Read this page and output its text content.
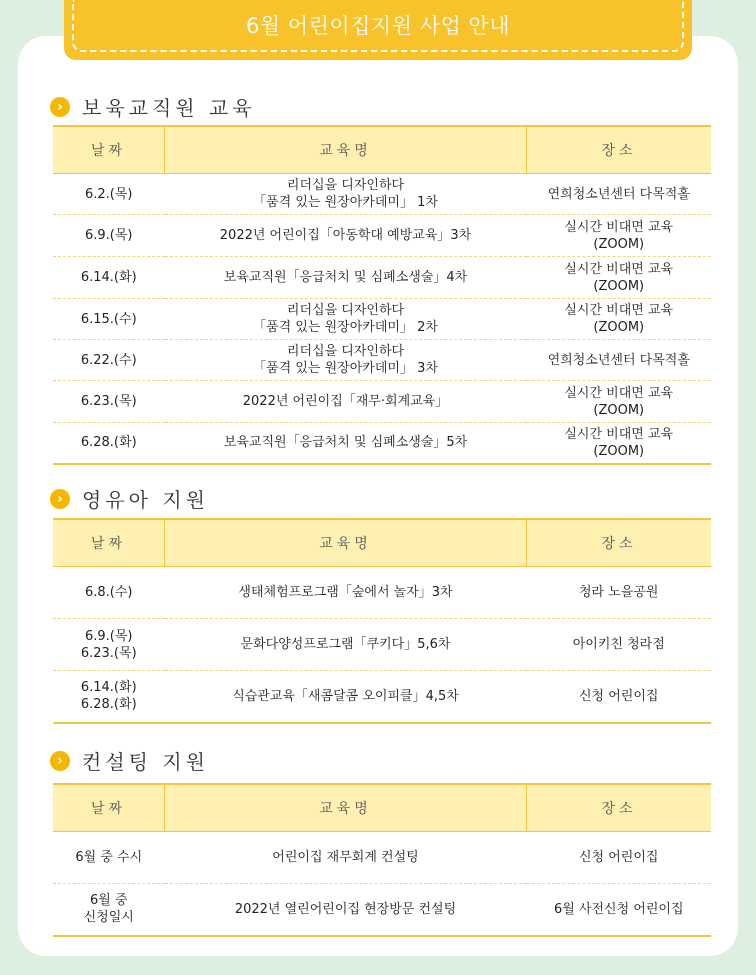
6월 어린이집지원 사업 안내
› 보육교직원 교육
날짜	교육명	장소
6.2.(목)	리더십을 디자인하다
「품격 있는 원장아카데미」 1차	연희청소년센터 다목적홀
6.9.(목)	2022년 어린이집「아동학대 예방교육」3차	실시간 비대면 교육
(ZOOM)
6.14.(화)	보육교직원「응급처치 및 심폐소생술」4차	실시간 비대면 교육
(ZOOM)
6.15.(수)	리더십을 디자인하다
「품격 있는 원장아카데미」 2차	실시간 비대면 교육
(ZOOM)
6.22.(수)	리더십을 디자인하다
「품격 있는 원장아카데미」 3차	연희청소년센터 다목적홀
6.23.(목)	2022년 어린이집「재무·회계교육」	실시간 비대면 교육
(ZOOM)
6.28.(화)	보육교직원「응급처치 및 심폐소생술」5차	실시간 비대면 교육
(ZOOM)
› 영유아 지원
날짜	교육명	장소
6.8.(수)	생태체험프로그램「숲에서 놀자」3차	청라 노을공원
6.9.(목)
6.23.(목)	문화다양성프로그램「쿠키다」5,6차	아이키친 청라점
6.14.(화)
6.28.(화)	식습관교육「새콤달콤 오이피클」4,5차	신청 어린이집
› 컨설팅 지원
날짜	교육명	장소
6월 중 수시	어린이집 재무회계 컨설팅	신청 어린이집
6월 중
신청일시	2022년 열린어린이집 현장방문 컨설팅	6월 사전신청 어린이집
